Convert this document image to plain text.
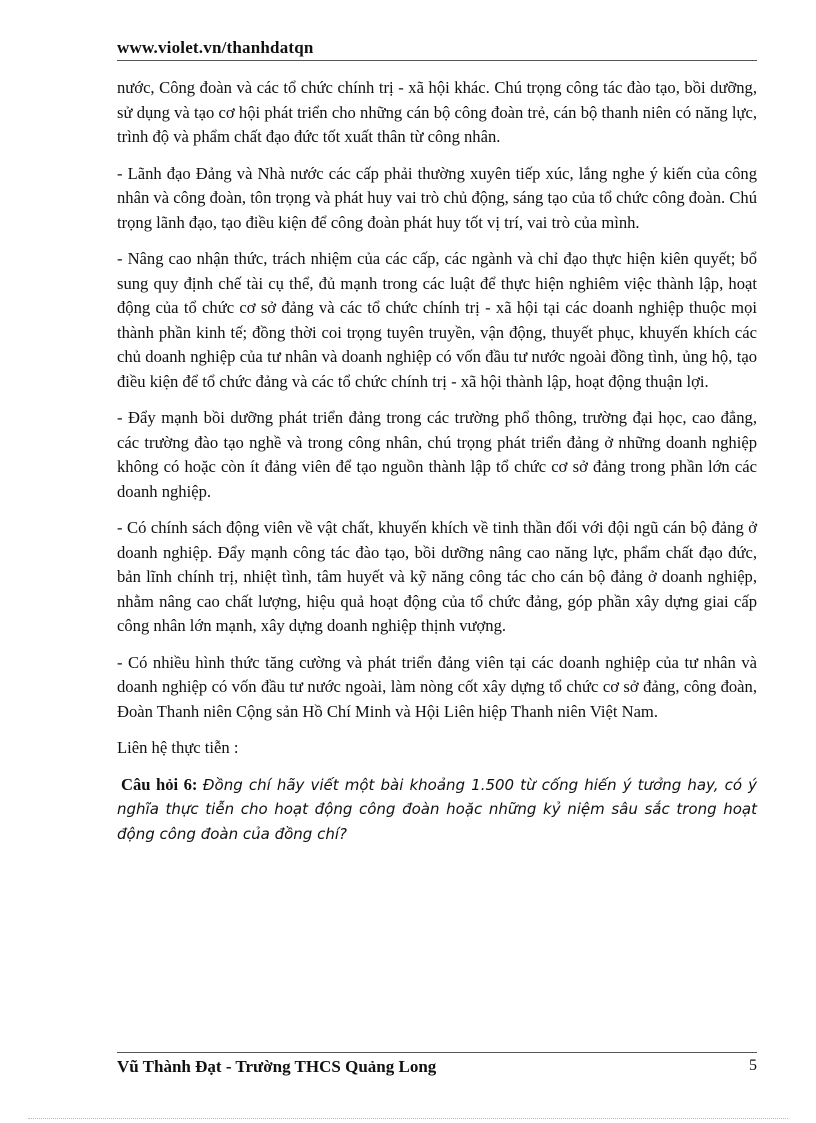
www.violet.vn/thanhdatqn

nước, Công đoàn và các tổ chức chính trị - xã hội khác. Chú trọng công tác đào tạo, bồi dưỡng, sử dụng và tạo cơ hội phát triển cho những cán bộ công đoàn trẻ, cán bộ thanh niên có năng lực, trình độ và phẩm chất đạo đức tốt xuất thân từ công nhân.

- Lãnh đạo Đảng và Nhà nước các cấp phải thường xuyên tiếp xúc, lắng nghe ý kiến của công nhân và công đoàn, tôn trọng và phát huy vai trò chủ động, sáng tạo của tổ chức công đoàn. Chú trọng lãnh đạo, tạo điều kiện để công đoàn phát huy tốt vị trí, vai trò của mình.

- Nâng cao nhận thức, trách nhiệm của các cấp, các ngành và chỉ đạo thực hiện kiên quyết; bổ sung quy định chế tài cụ thể, đủ mạnh trong các luật để thực hiện nghiêm việc thành lập, hoạt động của tổ chức cơ sở đảng và các tổ chức chính trị - xã hội tại các doanh nghiệp thuộc mọi thành phần kinh tế; đồng thời coi trọng tuyên truyền, vận động, thuyết phục, khuyến khích các chủ doanh nghiệp của tư nhân và doanh nghiệp có vốn đầu tư nước ngoài đồng tình, ủng hộ, tạo điều kiện để tổ chức đảng và các tổ chức chính trị - xã hội thành lập, hoạt động thuận lợi.

- Đẩy mạnh bồi dưỡng phát triển đảng trong các trường phổ thông, trường đại học, cao đẳng, các trường đào tạo nghề và trong công nhân, chú trọng phát triển đảng ở những doanh nghiệp không có hoặc còn ít đảng viên để tạo nguồn thành lập tổ chức cơ sở đảng trong phần lớn các doanh nghiệp.

- Có chính sách động viên về vật chất, khuyến khích về tinh thần đối với đội ngũ cán bộ đảng ở doanh nghiệp. Đẩy mạnh công tác đào tạo, bồi dưỡng nâng cao năng lực, phẩm chất đạo đức, bản lĩnh chính trị, nhiệt tình, tâm huyết và kỹ năng công tác cho cán bộ đảng ở doanh nghiệp, nhằm nâng cao chất lượng, hiệu quả hoạt động của tổ chức đảng, góp phần xây dựng giai cấp công nhân lớn mạnh, xây dựng doanh nghiệp thịnh vượng.

- Có nhiều hình thức tăng cường và phát triển đảng viên tại các doanh nghiệp của tư nhân và doanh nghiệp có vốn đầu tư nước ngoài, làm nòng cốt xây dựng tổ chức cơ sở đảng, công đoàn, Đoàn Thanh niên Cộng sản Hồ Chí Minh và Hội Liên hiệp Thanh niên Việt Nam.

Liên hệ thực tiễn :

Câu hỏi 6: Đồng chí hãy viết một bài khoảng 1.500 từ cống hiến ý tưởng hay, có ý nghĩa thực tiễn cho hoạt động công đoàn hoặc những kỷ niệm sâu sắc trong hoạt động công đoàn của đồng chí?

Vũ Thành Đạt - Trường THCS Quảng Long	5
